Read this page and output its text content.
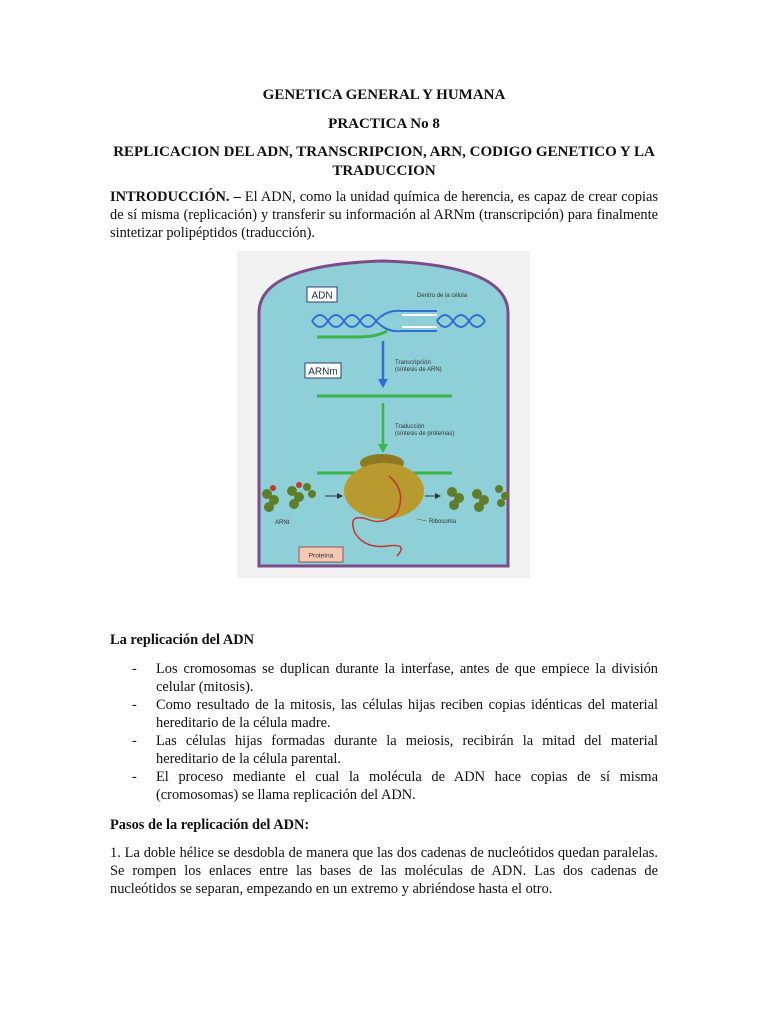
GENETICA GENERAL Y HUMANA
PRACTICA No 8
REPLICACION DEL ADN, TRANSCRIPCION, ARN, CODIGO GENETICO Y LA TRADUCCION
INTRODUCCIÓN. – El ADN, como la unidad química de herencia, es capaz de crear copias de sí misma (replicación) y transferir su información al ARNm (transcripción) para finalmente sintetizar polipéptidos (traducción).
ADN	Dentro de la célula
Transcripción
(síntesis de ARN)
ARNm
Traducción
(síntesis de proteínas)
ARNt	Ribosoma
Proteína
La replicación del ADN
- Los cromosomas se duplican durante la interfase, antes de que empiece la división celular (mitosis).
- Como resultado de la mitosis, las células hijas reciben copias idénticas del material hereditario de la célula madre.
- Las células hijas formadas durante la meiosis, recibirán la mitad del material hereditario de la célula parental.
- El proceso mediante el cual la molécula de ADN hace copias de sí misma (cromosomas) se llama replicación del ADN.
Pasos de la replicación del ADN:
1. La doble hélice se desdobla de manera que las dos cadenas de nucleótidos quedan paralelas. Se rompen los enlaces entre las bases de las moléculas de ADN. Las dos cadenas de nucleótidos se separan, empezando en un extremo y abriéndose hasta el otro.
